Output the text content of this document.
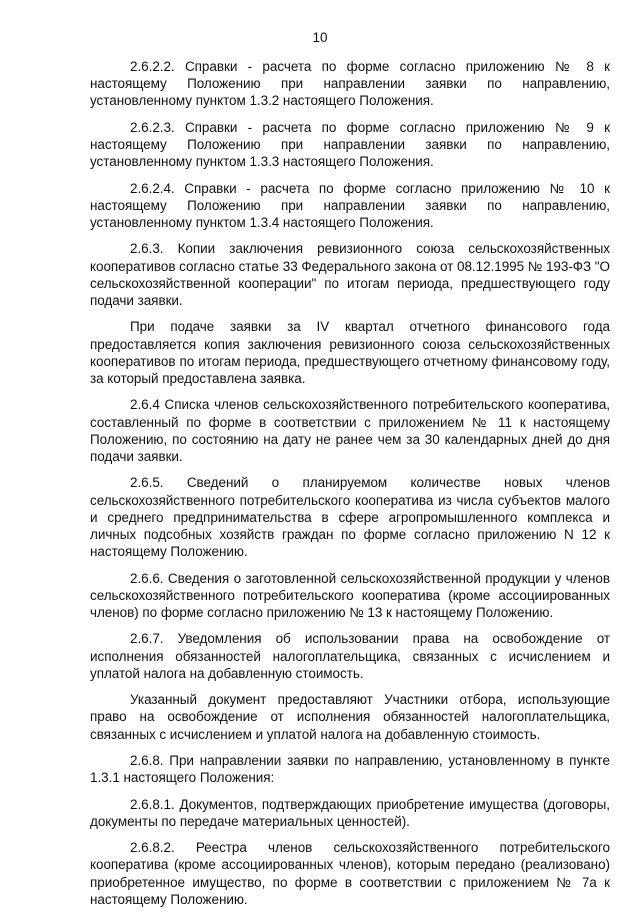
10

2.6.2.2. Справки - расчета по форме согласно приложению № 8 к настоящему Положению при направлении заявки по направлению, установленному пунктом 1.3.2 настоящего Положения.

2.6.2.3. Справки - расчета по форме согласно приложению № 9 к настоящему Положению при направлении заявки по направлению, установленному пунктом 1.3.3 настоящего Положения.

2.6.2.4. Справки - расчета по форме согласно приложению № 10 к настоящему Положению при направлении заявки по направлению, установленному пунктом 1.3.4 настоящего Положения.

2.6.3. Копии заключения ревизионного союза сельскохозяйственных кооперативов согласно статье 33 Федерального закона от 08.12.1995 № 193-ФЗ "О сельскохозяйственной кооперации" по итогам периода, предшествующего году подачи заявки.

При подаче заявки за IV квартал отчетного финансового года предоставляется копия заключения ревизионного союза сельскохозяйственных кооперативов по итогам периода, предшествующего отчетному финансовому году, за который предоставлена заявка.

2.6.4 Списка членов сельскохозяйственного потребительского кооператива, составленный по форме в соответствии с приложением № 11 к настоящему Положению, по состоянию на дату не ранее чем за 30 календарных дней до дня подачи заявки.

2.6.5. Сведений о планируемом количестве новых членов сельскохозяйственного потребительского кооператива из числа субъектов малого и среднего предпринимательства в сфере агропромышленного комплекса и личных подсобных хозяйств граждан по форме согласно приложению N 12 к настоящему Положению.

2.6.6. Сведения о заготовленной сельскохозяйственной продукции у членов сельскохозяйственного потребительского кооператива (кроме ассоциированных членов) по форме согласно приложению № 13 к настоящему Положению.

2.6.7. Уведомления об использовании права на освобождение от исполнения обязанностей налогоплательщика, связанных с исчислением и уплатой налога на добавленную стоимость.

Указанный документ предоставляют Участники отбора, использующие право на освобождение от исполнения обязанностей налогоплательщика, связанных с исчислением и уплатой налога на добавленную стоимость.

2.6.8. При направлении заявки по направлению, установленному в пункте 1.3.1 настоящего Положения:

2.6.8.1. Документов, подтверждающих приобретение имущества (договоры, документы по передаче материальных ценностей).

2.6.8.2. Реестра членов сельскохозяйственного потребительского кооператива (кроме ассоциированных членов), которым передано (реализовано) приобретенное имущество, по форме в соответствии с приложением № 7а к настоящему Положению.
